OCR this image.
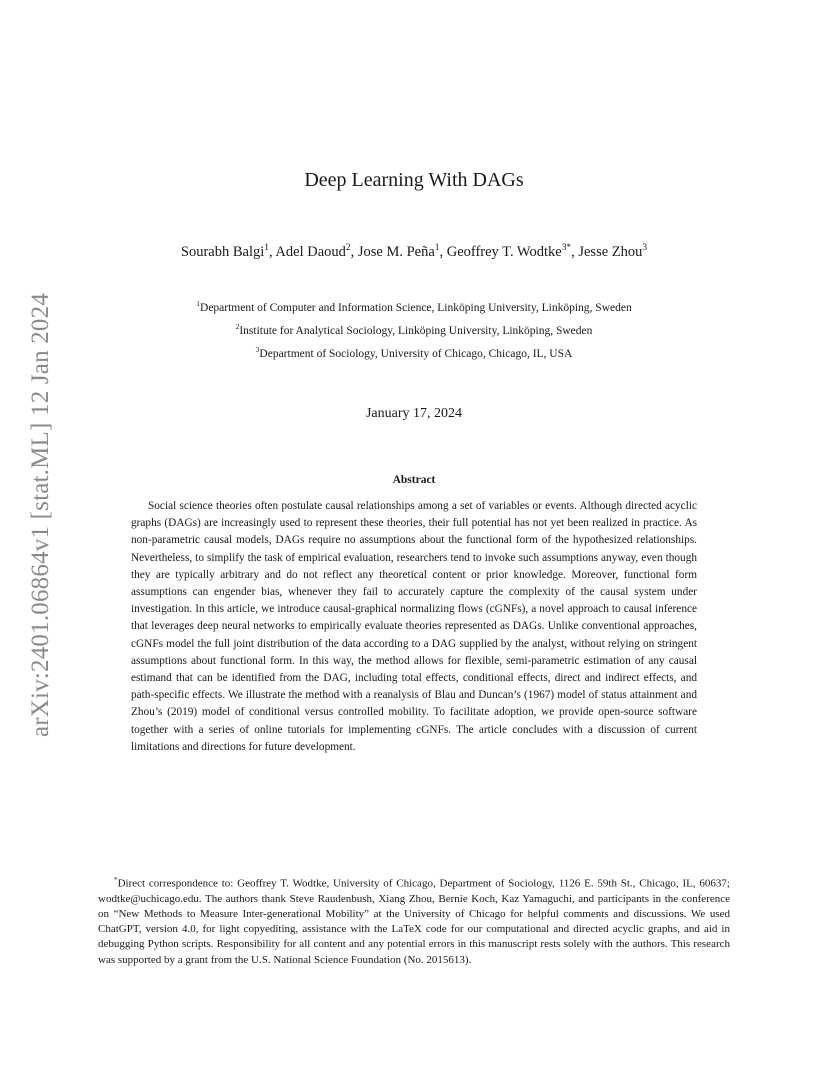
arXiv:2401.06864v1 [stat.ML] 12 Jan 2024
Deep Learning With DAGs
Sourabh Balgi$^1$, Adel Daoud$^2$, Jose M. Peña$^1$, Geoffrey T. Wodtke$^{3*}$, Jesse Zhou$^3$
$^1$Department of Computer and Information Science, Linköping University, Linköping, Sweden
$^2$Institute for Analytical Sociology, Linköping University, Linköping, Sweden
$^3$Department of Sociology, University of Chicago, Chicago, IL, USA
January 17, 2024
Abstract

Social science theories often postulate causal relationships among a set of variables or events. Although directed acyclic graphs (DAGs) are increasingly used to represent these theories, their full potential has not yet been realized in practice. As non-parametric causal models, DAGs require no assumptions about the functional form of the hypothesized relationships. Nevertheless, to simplify the task of empirical evaluation, researchers tend to invoke such assumptions anyway, even though they are typically arbitrary and do not reflect any theoretical content or prior knowledge. Moreover, functional form assumptions can engender bias, whenever they fail to accurately capture the complexity of the causal system under investigation. In this article, we introduce causal-graphical normalizing flows (cGNFs), a novel approach to causal inference that leverages deep neural networks to empirically evaluate theories represented as DAGs. Unlike conventional approaches, cGNFs model the full joint distribution of the data according to a DAG supplied by the analyst, without relying on stringent assumptions about functional form. In this way, the method allows for flexible, semi-parametric estimation of any causal estimand that can be identified from the DAG, including total effects, conditional effects, direct and indirect effects, and path-specific effects. We illustrate the method with a reanalysis of Blau and Duncan’s (1967) model of status attainment and Zhou’s (2019) model of conditional versus controlled mobility. To facilitate adoption, we provide open-source software together with a series of online tutorials for implementing cGNFs. The article concludes with a discussion of current limitations and directions for future development.

*Direct correspondence to: Geoffrey T. Wodtke, University of Chicago, Department of Sociology, 1126 E. 59th St., Chicago, IL, 60637; wodtke@uchicago.edu. The authors thank Steve Raudenbush, Xiang Zhou, Bernie Koch, Kaz Yamaguchi, and participants in the conference on “New Methods to Measure Inter-generational Mobility” at the University of Chicago for helpful comments and discussions. We used ChatGPT, version 4.0, for light copyediting, assistance with the LaTeX code for our computational and directed acyclic graphs, and aid in debugging Python scripts. Responsibility for all content and any potential errors in this manuscript rests solely with the authors. This research was supported by a grant from the U.S. National Science Foundation (No. 2015613).
